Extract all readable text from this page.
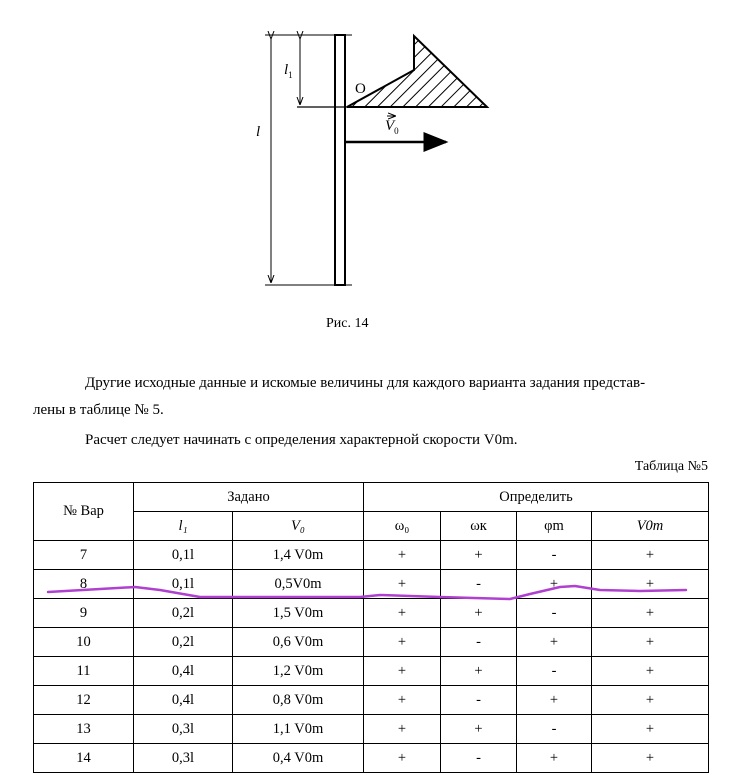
l
$l_1$
O
$V_0$
Рис. 14
Другие исходные данные и искомые величины для каждого варианта задания представ-
лены в таблице № 5.
Расчет следует начинать с определения характерной скорости V0m.
Таблица №5
№ Вар	Задано		Определить			
	l₁	V₀	ω₀	ωк	φm	V0m
7	0,1l	1,4 V0m	+	+	-	+
8	0,1l	0,5V0m	+	-	+	+
9	0,2l	1,5 V0m	+	+	-	+
10	0,2l	0,6 V0m	+	-	+	+
11	0,4l	1,2 V0m	+	+	-	+
12	0,4l	0,8 V0m	+	-	+	+
13	0,3l	1,1 V0m	+	+	-	+
14	0,3l	0,4 V0m	+	-	+	+
